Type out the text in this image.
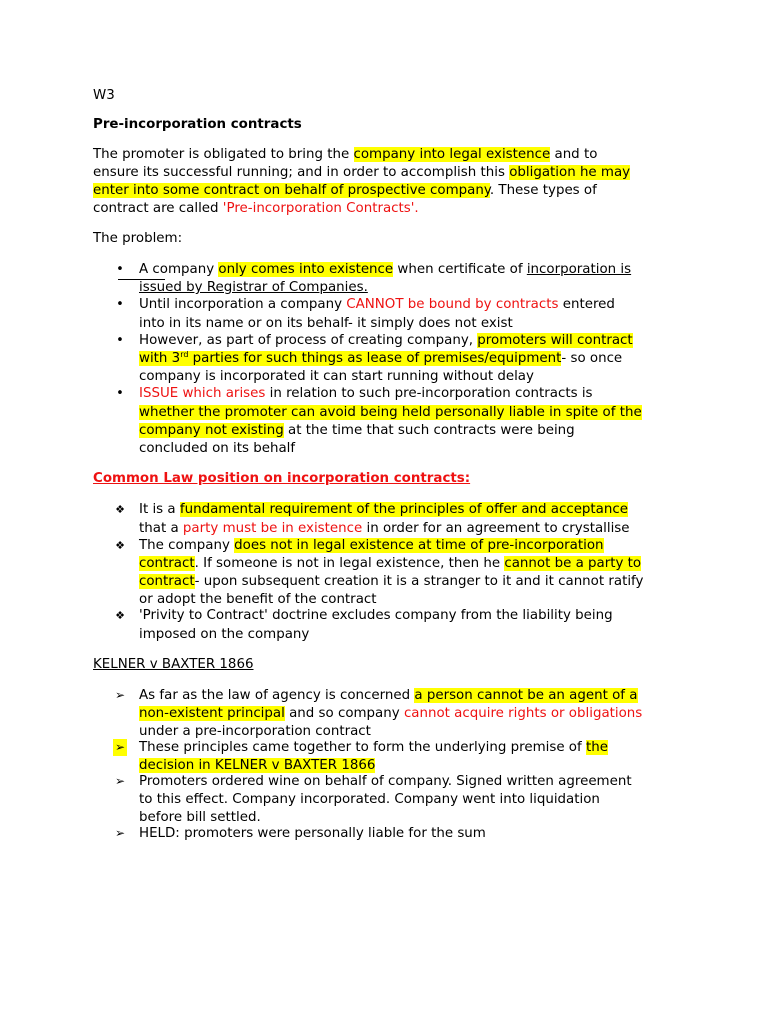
W3
Pre-incorporation contracts
The promoter is obligated to bring the company into legal existence and to
ensure its successful running; and in order to accomplish this obligation he may
enter into some contract on behalf of prospective company. These types of
contract are called 'Pre-incorporation Contracts'.
The problem:
• A company only comes into existence when certificate of incorporation is
issued by Registrar of Companies.
• Until incorporation a company CANNOT be bound by contracts entered
into in its name or on its behalf- it simply does not exist
• However, as part of process of creating company, promoters will contract
with 3rd parties for such things as lease of premises/equipment- so once
company is incorporated it can start running without delay
• ISSUE which arises in relation to such pre-incorporation contracts is
whether the promoter can avoid being held personally liable in spite of the
company not existing at the time that such contracts were being
concluded on its behalf
Common Law position on incorporation contracts:
❖ It is a fundamental requirement of the principles of offer and acceptance
that a party must be in existence in order for an agreement to crystallise
❖ The company does not in legal existence at time of pre-incorporation
contract. If someone is not in legal existence, then he cannot be a party to
contract- upon subsequent creation it is a stranger to it and it cannot ratify
or adopt the benefit of the contract
❖ 'Privity to Contract' doctrine excludes company from the liability being
imposed on the company
KELNER v BAXTER 1866
➢ As far as the law of agency is concerned a person cannot be an agent of a
non-existent principal and so company cannot acquire rights or obligations
under a pre-incorporation contract
➢ These principles came together to form the underlying premise of the
decision in KELNER v BAXTER 1866
➢ Promoters ordered wine on behalf of company. Signed written agreement
to this effect. Company incorporated. Company went into liquidation
before bill settled.
➢ HELD: promoters were personally liable for the sum
